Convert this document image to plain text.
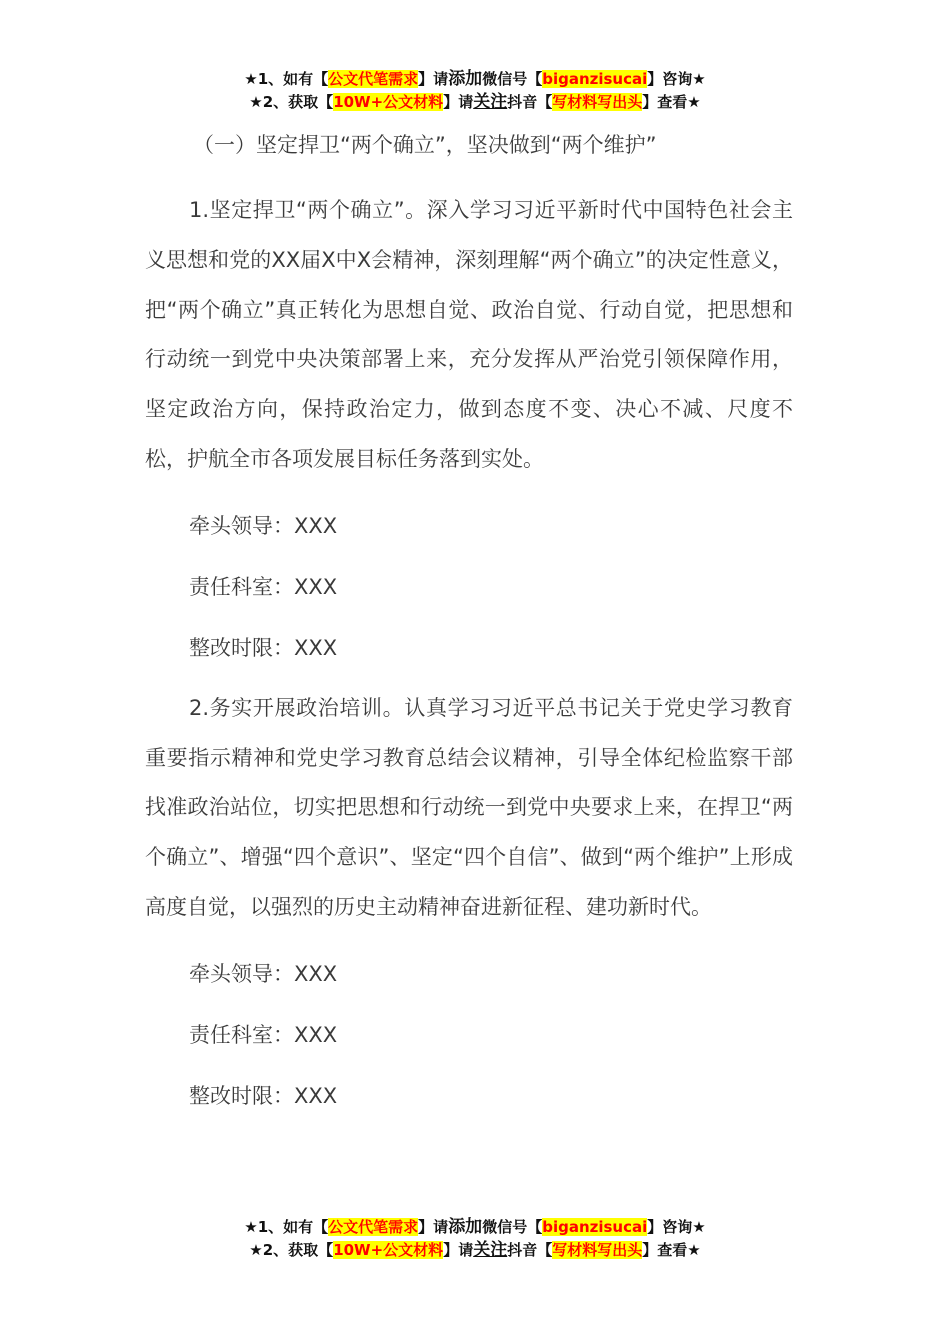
★1、如有【公文代笔需求】请添加微信号【biganzisucai】咨询★
★2、获取【10W+公文材料】请关注抖音【写材料写出头】查看★

（一）坚定捍卫“两个确立”，坚决做到“两个维护”

1.坚定捍卫“两个确立”。深入学习习近平新时代中国特色社会主义思想和党的XX届X中X会精神，深刻理解“两个确立”的决定性意义，把“两个确立”真正转化为思想自觉、政治自觉、行动自觉，把思想和行动统一到党中央决策部署上来，充分发挥从严治党引领保障作用，坚定政治方向，保持政治定力，做到态度不变、决心不减、尺度不松，护航全市各项发展目标任务落到实处。

牵头领导：XXX

责任科室：XXX

整改时限：XXX

2.务实开展政治培训。认真学习习近平总书记关于党史学习教育重要指示精神和党史学习教育总结会议精神，引导全体纪检监察干部找准政治站位，切实把思想和行动统一到党中央要求上来，在捍卫“两个确立”、增强“四个意识”、坚定“四个自信”、做到“两个维护”上形成高度自觉，以强烈的历史主动精神奋进新征程、建功新时代。

牵头领导：XXX

责任科室：XXX

整改时限：XXX

★1、如有【公文代笔需求】请添加微信号【biganzisucai】咨询★
★2、获取【10W+公文材料】请关注抖音【写材料写出头】查看★
